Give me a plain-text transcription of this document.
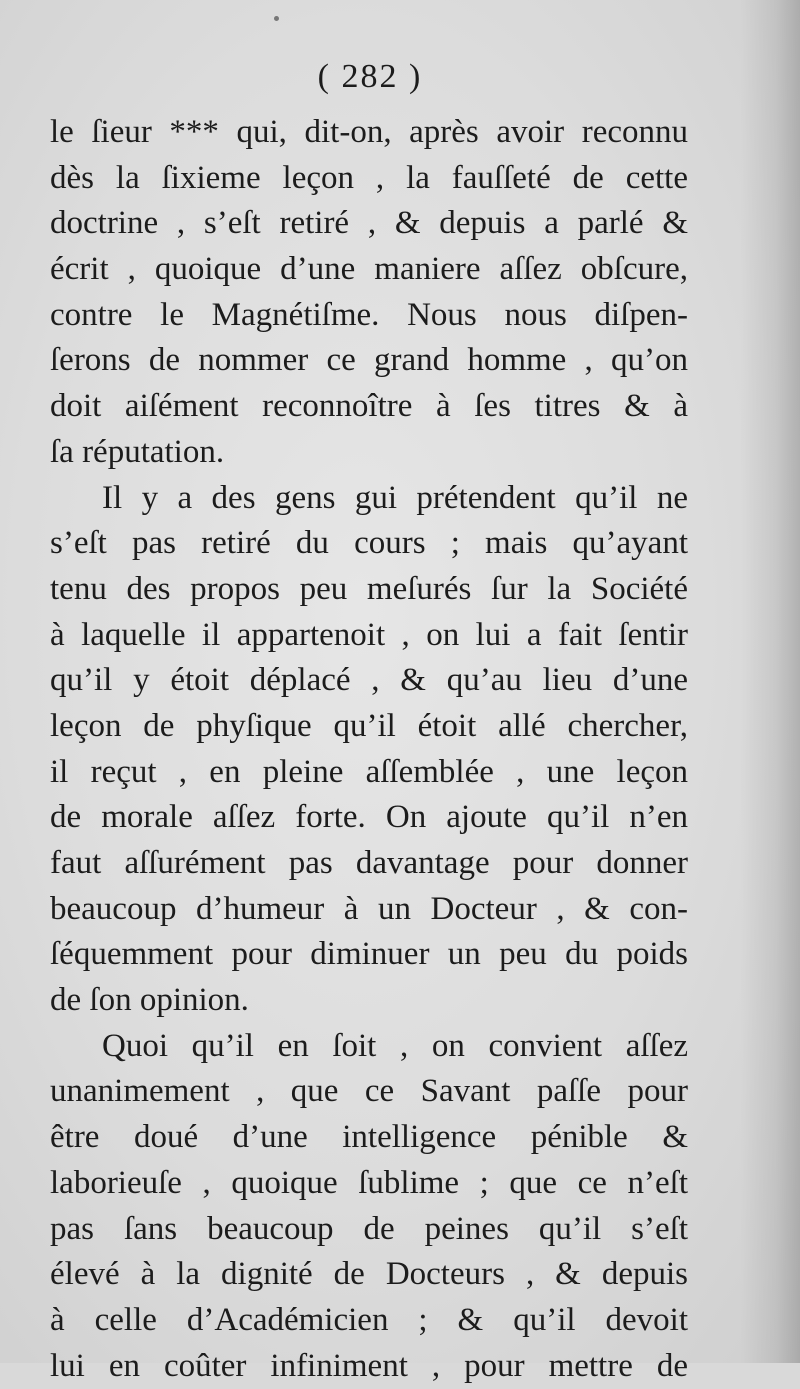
( 282 )
le ſieur *** qui, dit-on, après avoir reconnu
dès la ſixieme leçon , la fauſſeté de cette
doctrine , s’eſt retiré , & depuis a parlé &
écrit , quoique d’une maniere aſſez obſcure,
contre le Magnétiſme. Nous nous diſpen-
ſerons de nommer ce grand homme , qu’on
doit aiſément reconnoître à ſes titres & à
ſa réputation.
Il y a des gens gui prétendent qu’il ne
s’eſt pas retiré du cours ; mais qu’ayant
tenu des propos peu meſurés ſur la Société
à laquelle il appartenoit , on lui a fait ſentir
qu’il y étoit déplacé , & qu’au lieu d’une
leçon de phyſique qu’il étoit allé chercher,
il reçut , en pleine aſſemblée , une leçon
de morale aſſez forte. On ajoute qu’il n’en
faut aſſurément pas davantage pour donner
beaucoup d’humeur à un Docteur , & con-
ſéquemment pour diminuer un peu du poids
de ſon opinion.
Quoi qu’il en ſoit , on convient aſſez
unanimement , que ce Savant paſſe pour
être doué d’une intelligence pénible &
laborieuſe , quoique ſublime ; que ce n’eſt
pas ſans beaucoup de peines qu’il s’eſt
élevé à la dignité de Docteurs , & depuis
à celle d’Académicien ; & qu’il devoit
lui en coûter infiniment , pour mettre de
